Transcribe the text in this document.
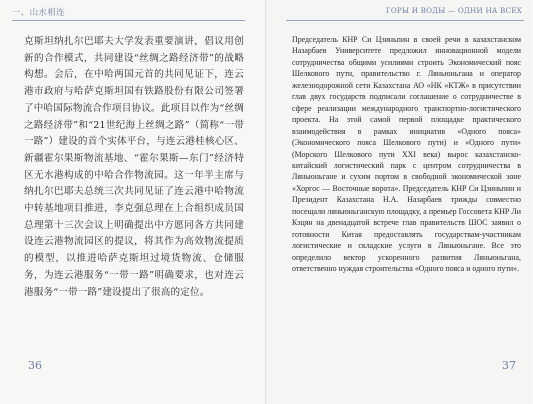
一、山水相连

克斯坦纳扎尔巴耶夫大学发表重要演讲，倡议用创新的合作模式，共同建设“丝绸之路经济带”的战略构想。会后，在中哈两国元首的共同见证下，连云港市政府与哈萨克斯坦国有铁路股份有限公司签署了中哈国际物流合作项目协议。此项目以作为“丝绸之路经济带”和“21世纪海上丝绸之路”（简称“一带一路”）建设的首个实体平台，与连云港桂核心区、新疆霍尔果斯物流基地、“霍尔果斯—东门”经济特区无水港构成的中哈合作物流园。这一年半主席与纳扎尔巴耶夫总统三次共同见证了连云港中哈物流中转基地项目推进，李克强总理在上合组织成员国总理第十三次会议上明确提出中方愿同各方共同建设连云港物流园区的提议，将其作为高效物流提质的模型，以推进哈萨克斯坦过境货物流、仓储服务，为连云港服务“一带一路”明确要求，也对连云港服务“一带一路”建设提出了很高的定位。

36
ГОРЫ И ВОДЫ — ОДНИ НА ВСЕХ

Председатель КНР Си Цзиньпин в своей речи в казахстанском Назарбаев Университете предложил инновационной модели сотрудничества общими усилиями строить Экономический пояс Шелкового пути, правительство г. Ляньюньгана и оператор железнодорожной сети Казахстана АО «НК «КТЖ» в присутствии глав двух государств подписали соглашение о сотрудничестве в сфере реализации международного транспортно-логистического проекта. На этой самой первой площадке практического взаимодействия в рамках инициатив «Одного пояса» (Экономического пояса Шелкового пути) и «Одного пути» (Морского Шелкового пути XXI века) вырос казахстанско-китайский логистический парк с центром сотрудничества в Ляньюньгане и сухим портом в свободной экономической зоне «Хоргос — Восточные ворота». Председатель КНР Си Цзиньпин и Президент Казахстана Н.А. Назарбаев трижды совместно посещали ляньюньганскую площадку, а премьер Госсовета КНР Ли Кэцян на двенадцатой встрече глав правительств ШОС заявил о готовности Китая предоставлять государствам-участникам логистические и складские услуги в Ляньюньгане. Все это определило вектор ускоренного развития Ляньюньгана, ответственно нуждая строительства «Одного пояса и одного пути».

37
